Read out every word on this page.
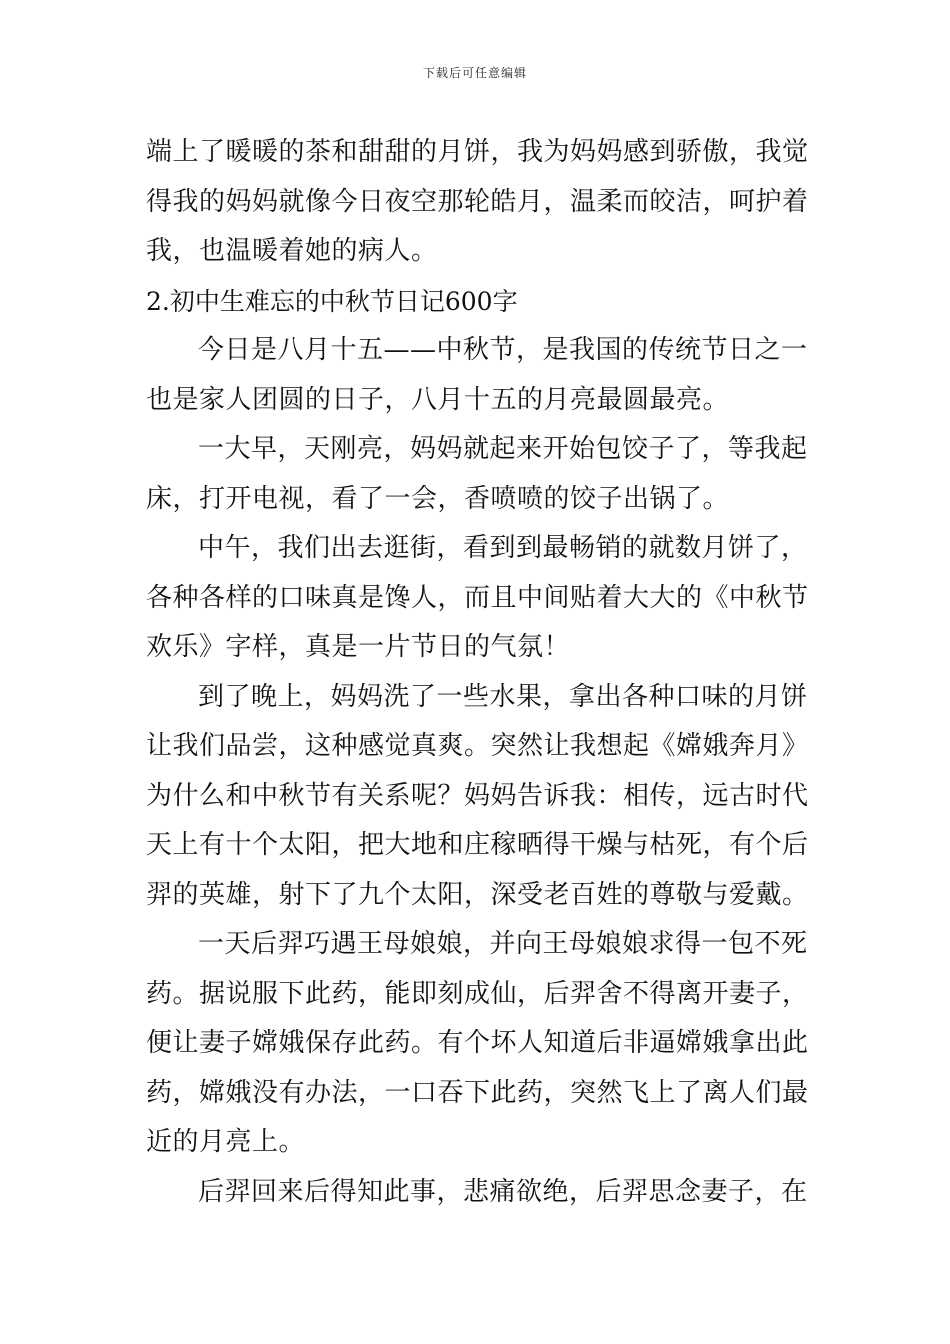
下载后可任意编辑
端上了暖暖的茶和甜甜的月饼，我为妈妈感到骄傲，我觉
得我的妈妈就像今日夜空那轮皓月，温柔而皎洁，呵护着
我，也温暖着她的病人。
2.初中生难忘的中秋节日记600字
今日是八月十五——中秋节，是我国的传统节日之一
也是家人团圆的日子，八月十五的月亮最圆最亮。
一大早，天刚亮，妈妈就起来开始包饺子了，等我起
床，打开电视，看了一会，香喷喷的饺子出锅了。
中午，我们出去逛街，看到到最畅销的就数月饼了，
各种各样的口味真是馋人，而且中间贴着大大的《中秋节
欢乐》字样，真是一片节日的气氛！
到了晚上，妈妈洗了一些水果，拿出各种口味的月饼
让我们品尝，这种感觉真爽。突然让我想起《嫦娥奔月》
为什么和中秋节有关系呢？妈妈告诉我：相传，远古时代
天上有十个太阳，把大地和庄稼晒得干燥与枯死，有个后
羿的英雄，射下了九个太阳，深受老百姓的尊敬与爱戴。
一天后羿巧遇王母娘娘，并向王母娘娘求得一包不死
药。据说服下此药，能即刻成仙，后羿舍不得离开妻子，
便让妻子嫦娥保存此药。有个坏人知道后非逼嫦娥拿出此
药，嫦娥没有办法，一口吞下此药，突然飞上了离人们最
近的月亮上。
后羿回来后得知此事，悲痛欲绝，后羿思念妻子，在
